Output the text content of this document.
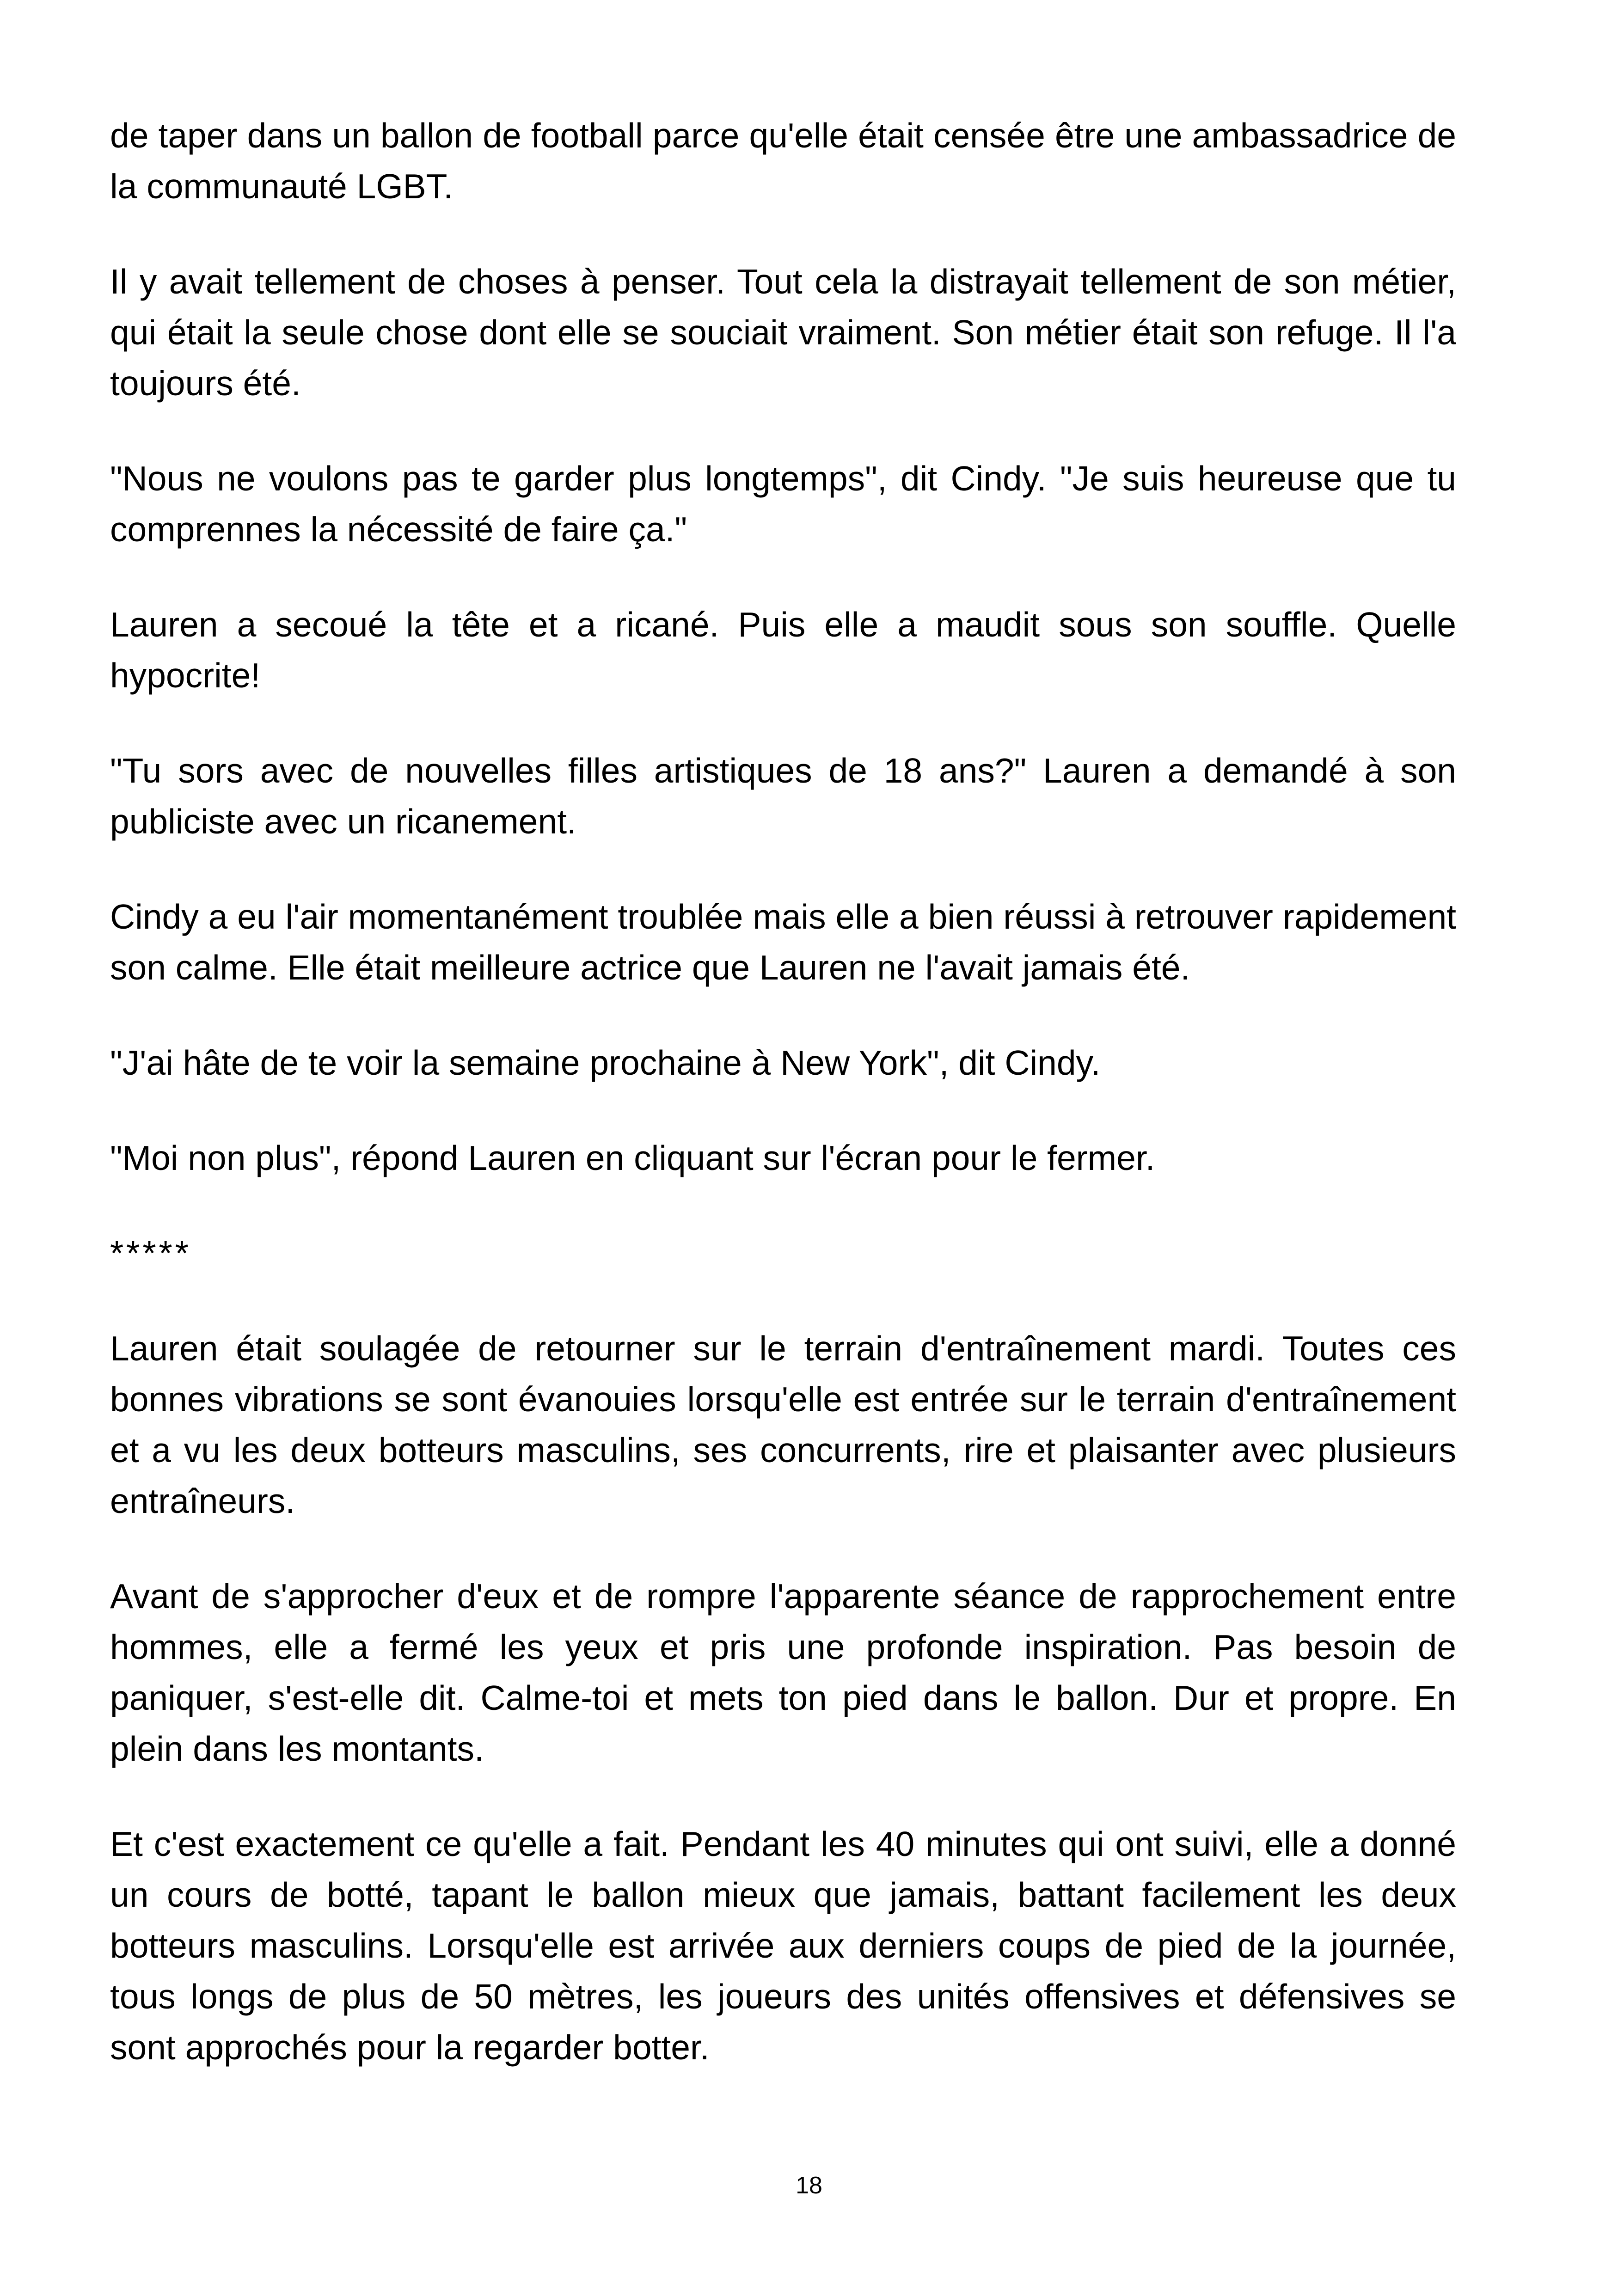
de taper dans un ballon de football parce qu'elle était censée être une ambassadrice de la communauté LGBT.

Il y avait tellement de choses à penser. Tout cela la distrayait tellement de son métier, qui était la seule chose dont elle se souciait vraiment. Son métier était son refuge. Il l'a toujours été.

"Nous ne voulons pas te garder plus longtemps", dit Cindy. "Je suis heureuse que tu comprennes la nécessité de faire ça."

Lauren a secoué la tête et a ricané. Puis elle a maudit sous son souffle. Quelle hypocrite!

"Tu sors avec de nouvelles filles artistiques de 18 ans?" Lauren a demandé à son publiciste avec un ricanement.

Cindy a eu l'air momentanément troublée mais elle a bien réussi à retrouver rapidement son calme. Elle était meilleure actrice que Lauren ne l'avait jamais été.

"J'ai hâte de te voir la semaine prochaine à New York", dit Cindy.

"Moi non plus", répond Lauren en cliquant sur l'écran pour le fermer.

*****

Lauren était soulagée de retourner sur le terrain d'entraînement mardi. Toutes ces bonnes vibrations se sont évanouies lorsqu'elle est entrée sur le terrain d'entraînement et a vu les deux botteurs masculins, ses concurrents, rire et plaisanter avec plusieurs entraîneurs.

Avant de s'approcher d'eux et de rompre l'apparente séance de rapprochement entre hommes, elle a fermé les yeux et pris une profonde inspiration. Pas besoin de paniquer, s'est-elle dit. Calme-toi et mets ton pied dans le ballon. Dur et propre. En plein dans les montants.

Et c'est exactement ce qu'elle a fait. Pendant les 40 minutes qui ont suivi, elle a donné un cours de botté, tapant le ballon mieux que jamais, battant facilement les deux botteurs masculins. Lorsqu'elle est arrivée aux derniers coups de pied de la journée, tous longs de plus de 50 mètres, les joueurs des unités offensives et défensives se sont approchés pour la regarder botter.

18
